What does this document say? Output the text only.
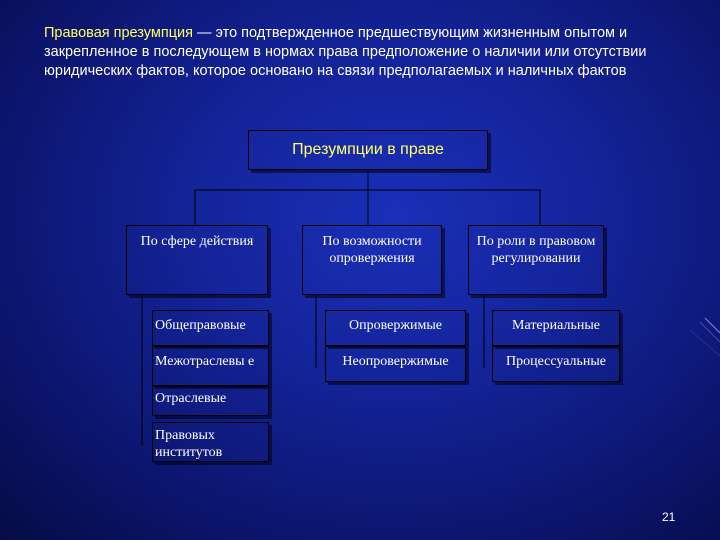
Правовая презумпция — это подтвержденное предшествующим жизненным опытом и закрепленное в последующем в нормах права предположение о наличии или отсутствии юридических фактов, которое основано на связи предполагаемых и наличных фактов
Презумпции в праве
По сфере действия	По возможности опровержения
По роли в правовом регулировании
Общеправовые
Межотраслевы е
Отраслевые
Правовых институтов
Опровержимые
Неопровержимые
Материальные
Процессуальные
21
